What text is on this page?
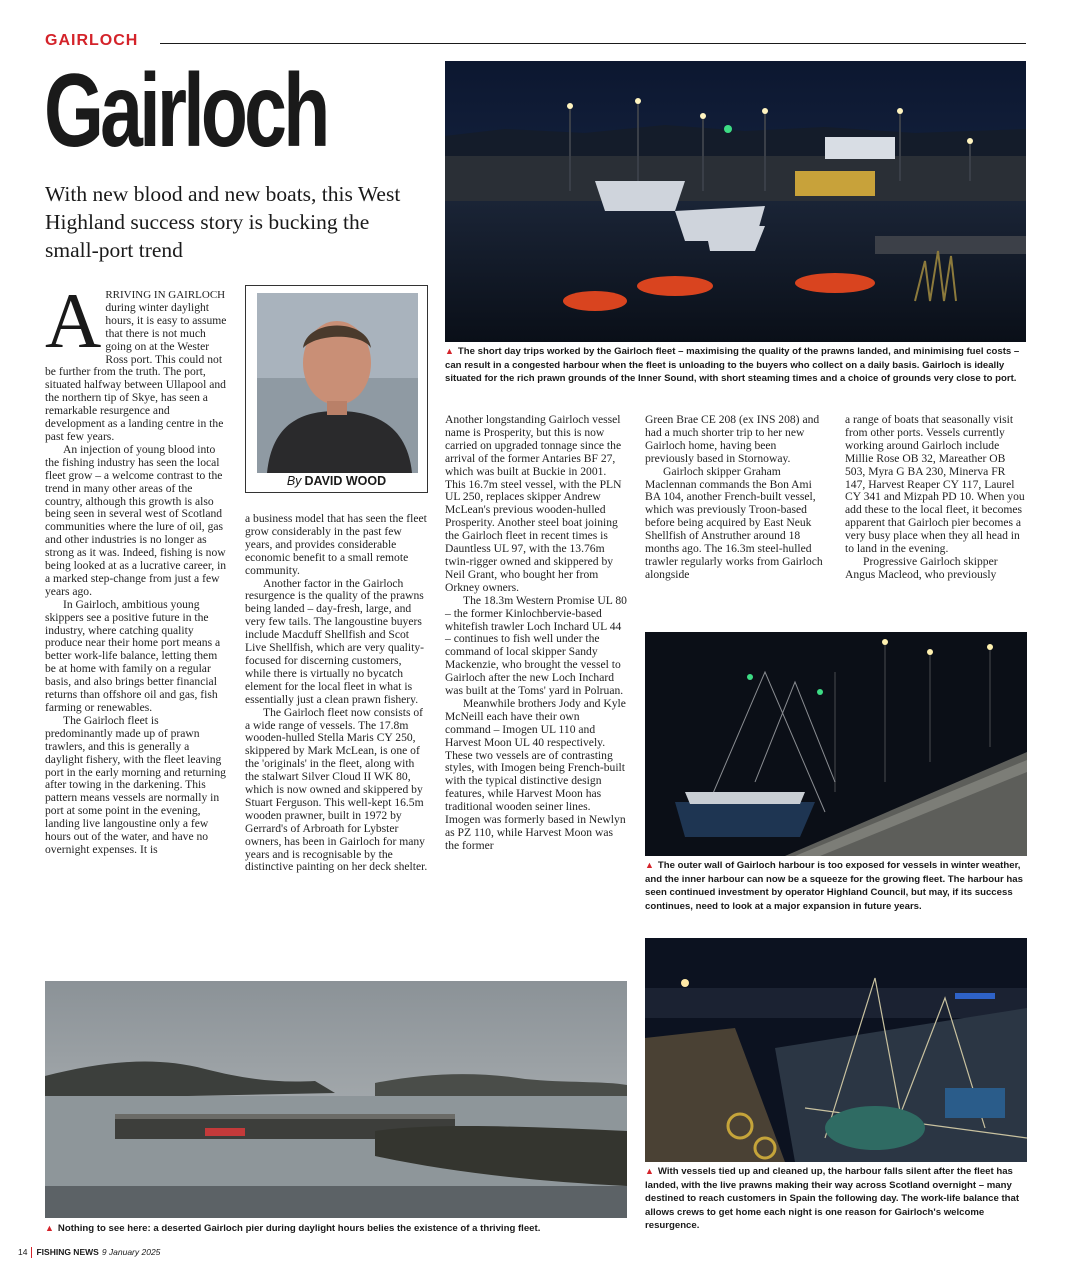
GAIRLOCH
Gairloch
With new blood and new boats, this West Highland success story is bucking the small-port trend
▲ The short day trips worked by the Gairloch fleet – maximising the quality of the prawns landed, and minimising fuel costs – can result in a congested harbour when the fleet is unloading to the buyers who collect on a daily basis. Gairloch is ideally situated for the rich prawn grounds of the Inner Sound, with short steaming times and a choice of grounds very close to port.
By DAVID WOOD

ARRIVING IN GAIRLOCH during winter daylight hours, it is easy to assume that there is not much going on at the Wester Ross port. This could not be further from the truth. The port, situated halfway between Ullapool and the northern tip of Skye, has seen a remarkable resurgence and development as a landing centre in the past few years.

An injection of young blood into the fishing industry has seen the local fleet grow – a welcome contrast to the trend in many other areas of the country, although this growth is also being seen in several west of Scotland communities where the lure of oil, gas and other industries is no longer as strong as it was. Indeed, fishing is now being looked at as a lucrative career, in a marked step-change from just a few years ago.

In Gairloch, ambitious young skippers see a positive future in the industry, where catching quality produce near their home port means a better work-life balance, letting them be at home with family on a regular basis, and also brings better financial returns than offshore oil and gas, fish farming or renewables.

The Gairloch fleet is predominantly made up of prawn trawlers, and this is generally a daylight fishery, with the fleet leaving port in the early morning and returning after towing in the darkening. This pattern means vessels are normally in port at some point in the evening, landing live langoustine only a few hours out of the water, and have no overnight expenses. It is

a business model that has seen the fleet grow considerably in the past few years, and provides considerable economic benefit to a small remote community.

Another factor in the Gairloch resurgence is the quality of the prawns being landed – day-fresh, large, and very few tails. The langoustine buyers include Macduff Shellfish and Scot Live Shellfish, which are very quality-focused for discerning customers, while there is virtually no bycatch element for the local fleet in what is essentially just a clean prawn fishery.

The Gairloch fleet now consists of a wide range of vessels. The 17.8m wooden-hulled Stella Maris CY 250, skippered by Mark McLean, is one of the 'originals' in the fleet, along with the stalwart Silver Cloud II WK 80, which is now owned and skippered by Stuart Ferguson. This well-kept 16.5m wooden prawner, built in 1972 by Gerrard's of Arbroath for Lybster owners, has been in Gairloch for many years and is recognisable by the distinctive painting on her deck shelter.

Another longstanding Gairloch vessel name is Prosperity, but this is now carried on upgraded tonnage since the arrival of the former Antaries BF 27, which was built at Buckie in 2001. This 16.7m steel vessel, with the PLN UL 250, replaces skipper Andrew McLean's previous wooden-hulled Prosperity. Another steel boat joining the Gairloch fleet in recent times is Dauntless UL 97, with the 13.76m twin-rigger owned and skippered by Neil Grant, who bought her from Orkney owners.

The 18.3m Western Promise UL 80 – the former Kinlochbervie-based whitefish trawler Loch Inchard UL 44 – continues to fish well under the command of local skipper Sandy Mackenzie, who brought the vessel to Gairloch after the new Loch Inchard was built at the Toms' yard in Polruan.

Meanwhile brothers Jody and Kyle McNeill each have their own command – Imogen UL 110 and Harvest Moon UL 40 respectively. These two vessels are of contrasting styles, with Imogen being French-built with the typical distinctive design features, while Harvest Moon has traditional wooden seiner lines. Imogen was formerly based in Newlyn as PZ 110, while Harvest Moon was the former

Green Brae CE 208 (ex INS 208) and had a much shorter trip to her new Gairloch home, having been previously based in Stornoway.

Gairloch skipper Graham Maclennan commands the Bon Ami BA 104, another French-built vessel, which was previously Troon-based before being acquired by East Neuk Shellfish of Anstruther around 18 months ago. The 16.3m steel-hulled trawler regularly works from Gairloch alongside

a range of boats that seasonally visit from other ports. Vessels currently working around Gairloch include Millie Rose OB 32, Mareather OB 503, Myra G BA 230, Minerva FR 147, Harvest Reaper CY 117, Laurel CY 341 and Mizpah PD 10. When you add these to the local fleet, it becomes apparent that Gairloch pier becomes a very busy place when they all head in to land in the evening.

Progressive Gairloch skipper Angus Macleod, who previously

▲ The outer wall of Gairloch harbour is too exposed for vessels in winter weather, and the inner harbour can now be a squeeze for the growing fleet. The harbour has seen continued investment by operator Highland Council, but may, if its success continues, need to look at a major expansion in future years.
▲ With vessels tied up and cleaned up, the harbour falls silent after the fleet has landed, with the live prawns making their way across Scotland overnight – many destined to reach customers in Spain the following day. The work-life balance that allows crews to get home each night is one reason for Gairloch's welcome resurgence.
▲ Nothing to see here: a deserted Gairloch pier during daylight hours belies the existence of a thriving fleet.
14 FISHING NEWS 9 January 2025
